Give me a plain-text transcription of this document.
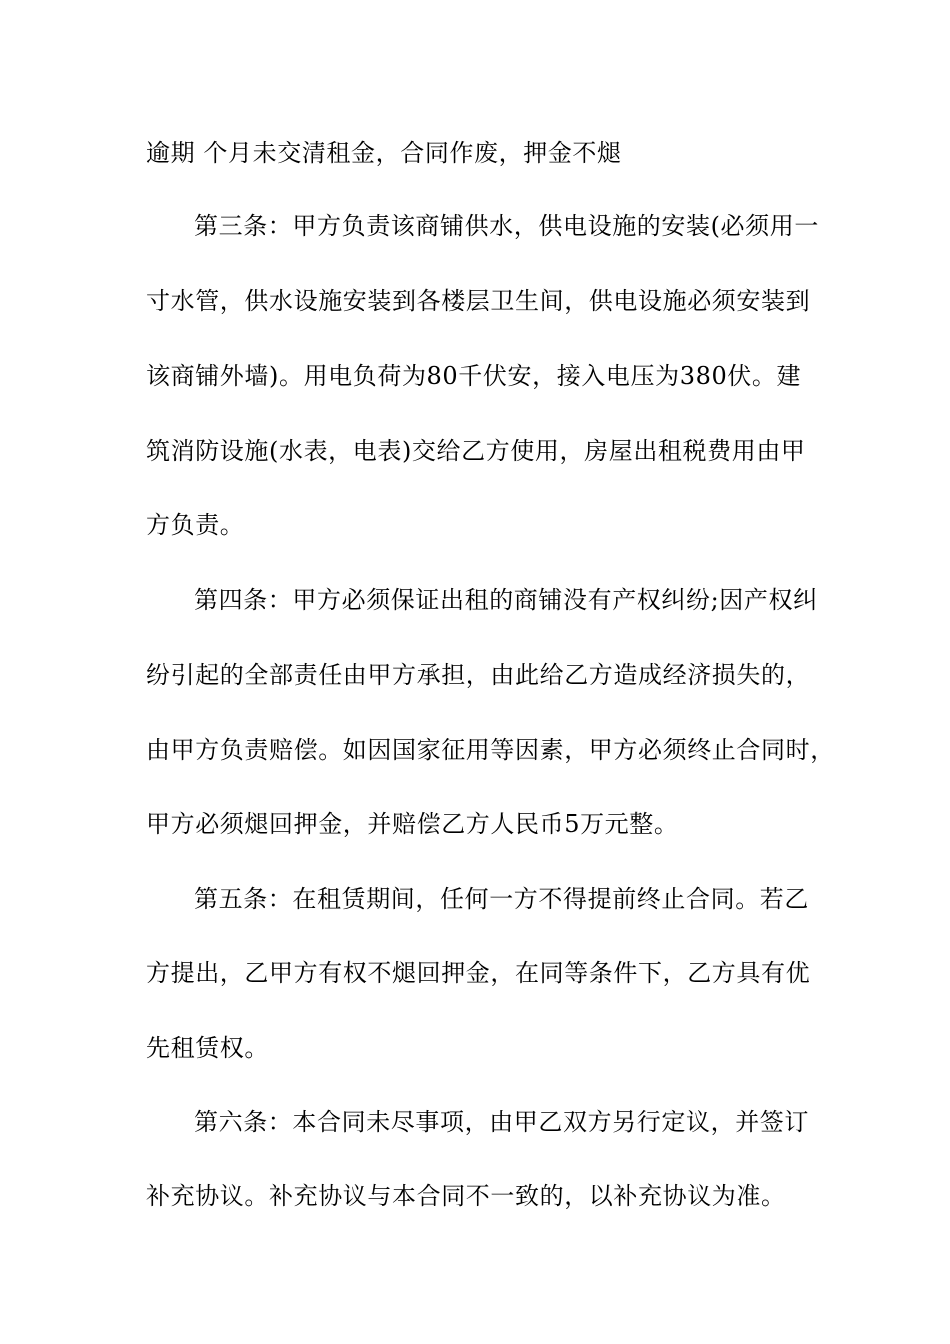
逾期 个月未交清租金，合同作废，押金不煺
第三条：甲方负责该商铺供水，供电设施的安装(必须用一
寸水管，供水设施安装到各楼层卫生间，供电设施必须安装到
该商铺外墙)。用电负荷为80千伏安，接入电压为380伏。建
筑消防设施(水表，电表)交给乙方使用，房屋出租税费用由甲
方负责。
第四条：甲方必须保证出租的商铺没有产权纠纷;因产权纠
纷引起的全部责任由甲方承担，由此给乙方造成经济损失的，
由甲方负责赔偿。如因国家征用等因素，甲方必须终止合同时，
甲方必须煺回押金，并赔偿乙方人民币5万元整。
第五条：在租赁期间，任何一方不得提前终止合同。若乙
方提出，乙甲方有权不煺回押金，在同等条件下，乙方具有优
先租赁权。
第六条：本合同未尽事项，由甲乙双方另行定议，并签订
补充协议。补充协议与本合同不一致的，以补充协议为准。
